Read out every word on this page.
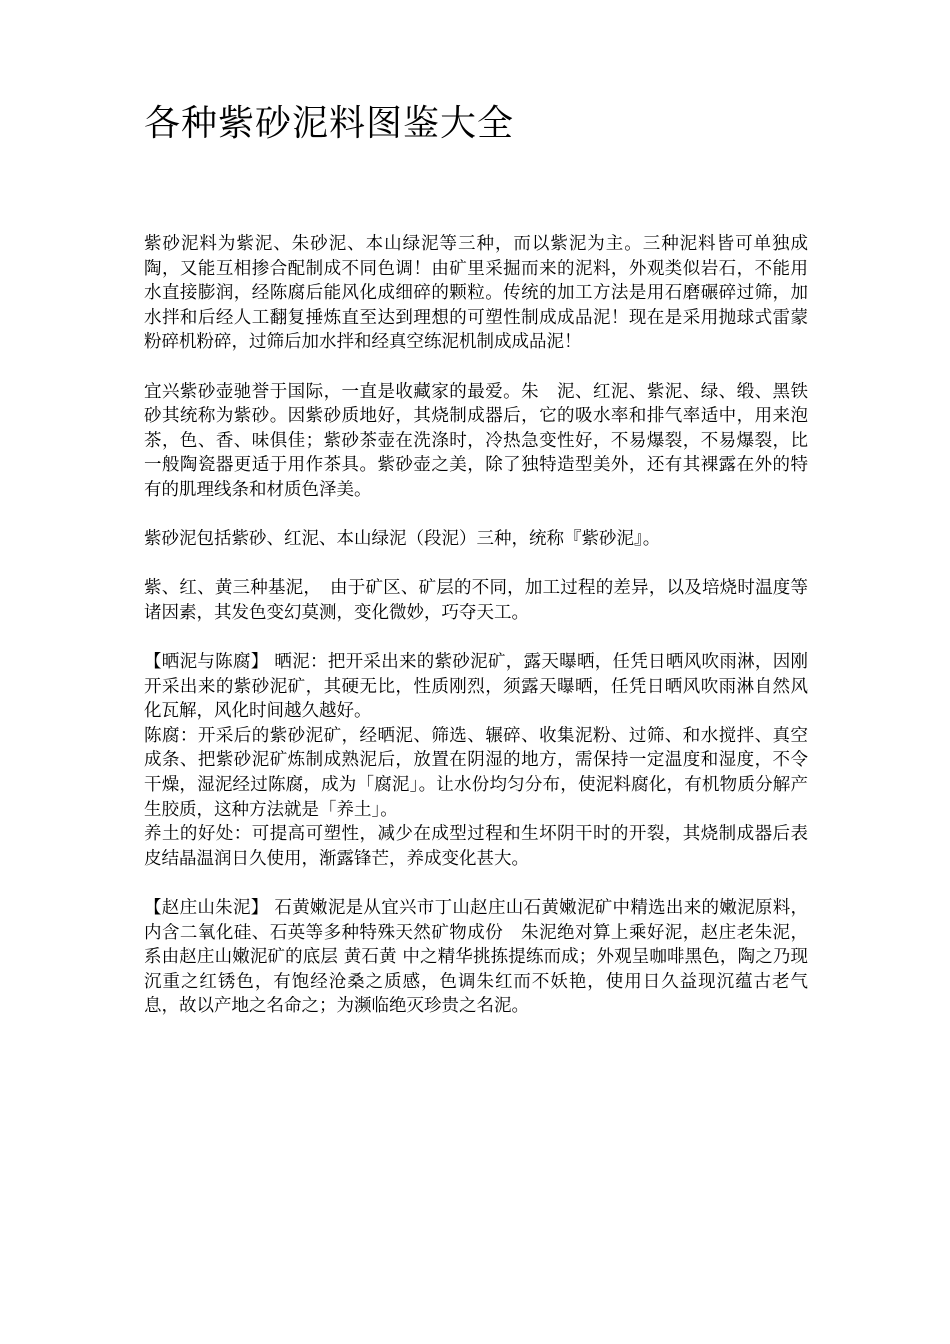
各种紫砂泥料图鉴大全

紫砂泥料为紫泥、朱砂泥、本山绿泥等三种，而以紫泥为主。三种泥料皆可单独成陶，又能互相掺合配制成不同色调！由矿里采掘而来的泥料，外观类似岩石，不能用水直接膨润，经陈腐后能风化成细碎的颗粒。传统的加工方法是用石磨碾碎过筛，加水拌和后经人工翻复捶炼直至达到理想的可塑性制成成品泥！现在是采用抛球式雷蒙粉碎机粉碎，过筛后加水拌和经真空练泥机制成成品泥！

宜兴紫砂壶驰誉于国际，一直是收藏家的最爱。朱　泥、红泥、紫泥、绿、缎、黑铁砂其统称为紫砂。因紫砂质地好，其烧制成器后，它的吸水率和排气率适中，用来泡茶，色、香、味俱佳；紫砂茶壶在洗涤时，冷热急变性好，不易爆裂，不易爆裂，比一般陶瓷器更适于用作茶具。紫砂壶之美，除了独特造型美外，还有其裸露在外的特有的肌理线条和材质色泽美。

紫砂泥包括紫砂、红泥、本山绿泥（段泥）三种，统称『紫砂泥』。

紫、红、黄三种基泥，　由于矿区、矿层的不同，加工过程的差异，以及培烧时温度等诸因素，其发色变幻莫测，变化微妙，巧夺天工。

【晒泥与陈腐】 晒泥：把开采出来的紫砂泥矿，露天曝晒，任凭日晒风吹雨淋，因刚开采出来的紫砂泥矿，其硬无比，性质刚烈，须露天曝晒，任凭日晒风吹雨淋自然风化瓦解，风化时间越久越好。

陈腐：开采后的紫砂泥矿，经晒泥、筛选、辗碎、收集泥粉、过筛、和水搅拌、真空成条、把紫砂泥矿炼制成熟泥后，放置在阴湿的地方，需保持一定温度和湿度，不令干燥，湿泥经过陈腐，成为「腐泥」。让水份均匀分布，使泥料腐化，有机物质分解产生胶质，这种方法就是「养土」。

养土的好处：可提高可塑性，减少在成型过程和生坏阴干时的开裂，其烧制成器后表皮结晶温润日久使用，渐露锋芒，养成变化甚大。

【赵庄山朱泥】 石黄嫩泥是从宜兴市丁山赵庄山石黄嫩泥矿中精选出来的嫩泥原料，内含二氧化硅、石英等多种特殊天然矿物成份　朱泥绝对算上乘好泥，赵庄老朱泥，系由赵庄山嫩泥矿的底层 黄石黄 中之精华挑拣提练而成；外观呈咖啡黑色，陶之乃现沉重之红锈色，有饱经沧桑之质感，色调朱红而不妖艳，使用日久益现沉蕴古老气息，故以产地之名命之；为濒临绝灭珍贵之名泥。
